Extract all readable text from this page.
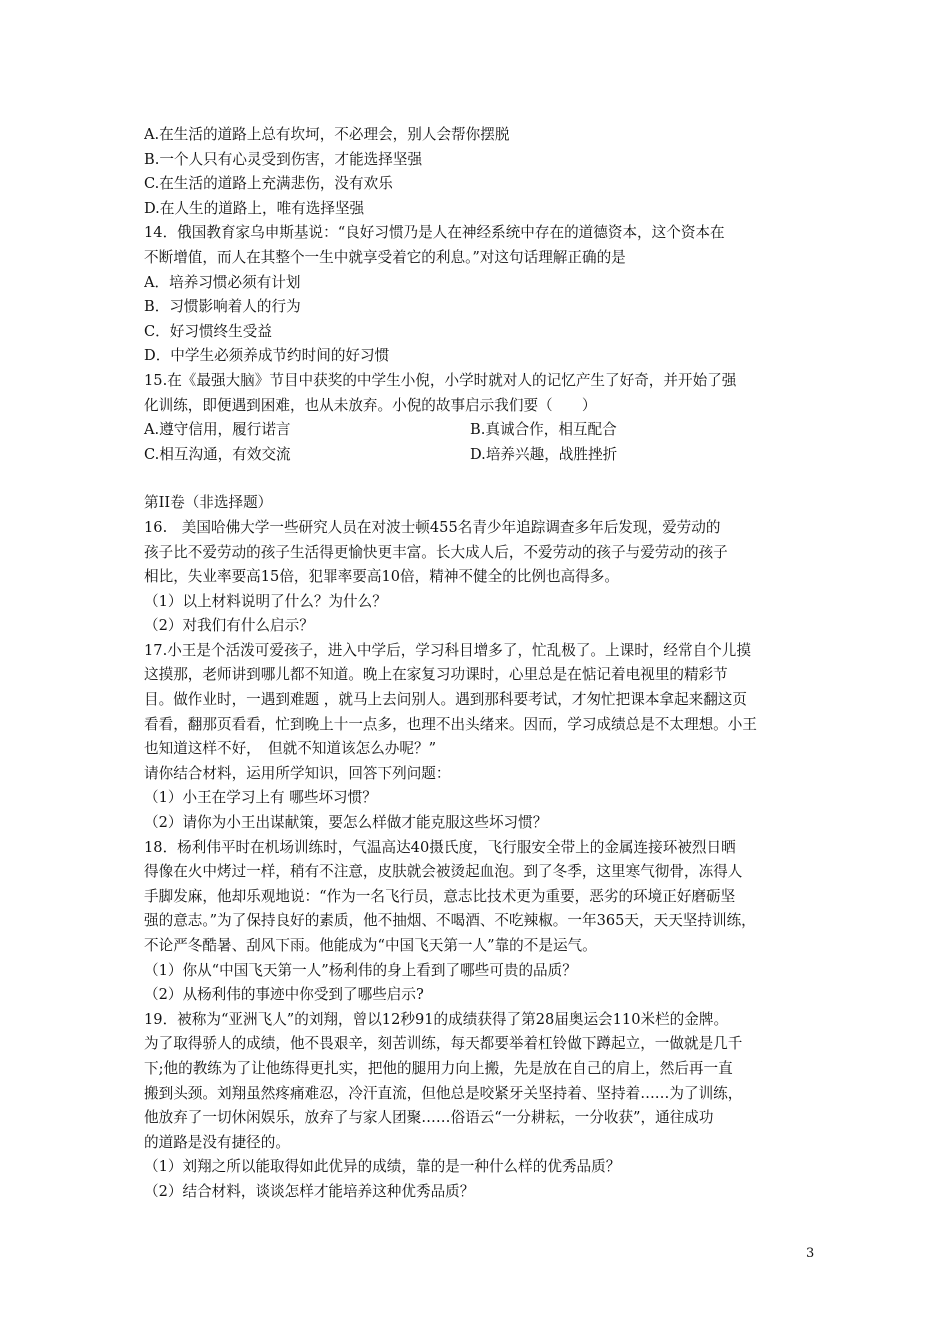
A.在生活的道路上总有坎坷，不必理会，别人会帮你摆脱
B.一个人只有心灵受到伤害，才能选择坚强
C.在生活的道路上充满悲伤，没有欢乐
D.在人生的道路上，唯有选择坚强
14．俄国教育家乌申斯基说：“良好习惯乃是人在神经系统中存在的道德资本，这个资本在
不断增值，而人在其整个一生中就享受着它的利息。”对这句话理解正确的是
A．培养习惯必须有计划
B．习惯影响着人的行为
C．好习惯终生受益
D．中学生必须养成节约时间的好习惯
15.在《最强大脑》节目中获奖的中学生小倪，小学时就对人的记忆产生了好奇，并开始了强
化训练，即便遇到困难，也从未放弃。小倪的故事启示我们要（　　）
A.遵守信用，履行诺言	B.真诚合作，相互配合
C.相互沟通，有效交流	D.培养兴趣，战胜挫折
第II卷（非选择题）
16.　美国哈佛大学一些研究人员在对波士顿455名青少年追踪调查多年后发现，爱劳动的
孩子比不爱劳动的孩子生活得更愉快更丰富。长大成人后，不爱劳动的孩子与爱劳动的孩子
相比，失业率要高15倍，犯罪率要高10倍，精神不健全的比例也高得多。
（1）以上材料说明了什么？为什么？
（2）对我们有什么启示？
17.小王是个活泼可爱孩子，进入中学后，学习科目增多了，忙乱极了。上课时，经常自个儿摸
这摸那，老师讲到哪儿都不知道。晚上在家复习功课时，心里总是在惦记着电视里的精彩节
目。做作业时，一遇到难题 ，就马上去问别人。遇到那科要考试，才匆忙把课本拿起来翻这页
看看，翻那页看看，忙到晚上十一点多，也理不出头绪来。因而，学习成绩总是不太理想。小王
也知道这样不好，　但就不知道该怎么办呢？”
请你结合材料，运用所学知识，回答下列问题：
（1）小王在学习上有 哪些坏习惯？
（2）请你为小王出谋献策，要怎么样做才能克服这些坏习惯？
18．杨利伟平时在机场训练时，气温高达40摄氏度，飞行服安全带上的金属连接环被烈日晒
得像在火中烤过一样，稍有不注意，皮肤就会被烫起血泡。到了冬季，这里寒气彻骨，冻得人
手脚发麻，他却乐观地说：“作为一名飞行员，意志比技术更为重要，恶劣的环境正好磨砺坚
强的意志。”为了保持良好的素质，他不抽烟、不喝酒、不吃辣椒。一年365天，天天坚持训练，
不论严冬酷暑、刮风下雨。他能成为“中国飞天第一人”靠的不是运气。
（1）你从“中国飞天第一人”杨利伟的身上看到了哪些可贵的品质？
（2）从杨利伟的事迹中你受到了哪些启示?
19．被称为“亚洲飞人”的刘翔，曾以12秒91的成绩获得了第28届奥运会110米栏的金牌。
为了取得骄人的成绩，他不畏艰辛，刻苦训练，每天都要举着杠铃做下蹲起立，一做就是几千
下;他的教练为了让他练得更扎实，把他的腿用力向上搬，先是放在自己的肩上，然后再一直
搬到头颈。刘翔虽然疼痛难忍，冷汗直流，但他总是咬紧牙关坚持着、坚持着……为了训练，
他放弃了一切休闲娱乐，放弃了与家人团聚……俗语云“一分耕耘，一分收获”，通往成功
的道路是没有捷径的。
（1）刘翔之所以能取得如此优异的成绩，靠的是一种什么样的优秀品质？
（2）结合材料，谈谈怎样才能培养这种优秀品质？
3
